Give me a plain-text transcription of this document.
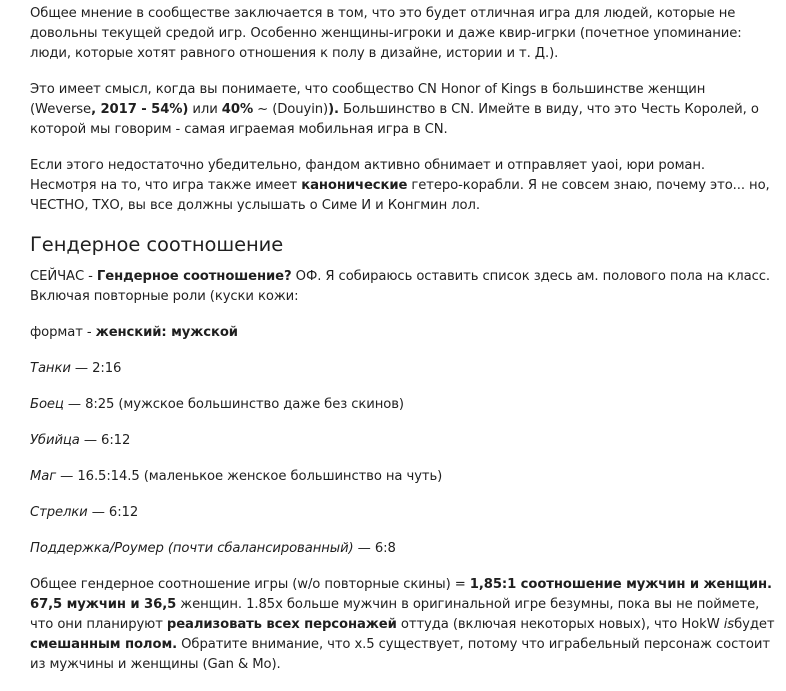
Общее мнение в сообществе заключается в том, что это будет отличная игра для людей, которые не довольны текущей средой игр. Особенно женщины-игроки и даже квир-игрки (почетное упоминание: люди, которые хотят равного отношения к полу в дизайне, истории и т. Д.).

Это имеет смысл, когда вы понимаете, что сообщество CN Honor of Kings в большинстве женщин (Weverse, 2017 - 54%) или 40% ~ (Douyin)). Большинство в CN. Имейте в виду, что это Честь Королей, о которой мы говорим - самая играемая мобильная игра в CN.

Если этого недостаточно убедительно, фандом активно обнимает и отправляет yaoi, юри роман. Несмотря на то, что игра также имеет канонические гетеро-корабли. Я не совсем знаю, почему это... но, ЧЕСТНО, ТХО, вы все должны услышать о Симе И и Конгмин лол.

Гендерное соотношение

СЕЙЧАС - Гендерное соотношение? ОФ. Я собираюсь оставить список здесь ам. полового пола на класс. Включая повторные роли (куски кожи:

формат - женский: мужской

Танки — 2:16

Боец — 8:25 (мужское большинство даже без скинов)

Убийца — 6:12

Маг — 16.5:14.5 (маленькое женское большинство на чуть)

Стрелки — 6:12

Поддержка/Роумер (почти сбалансированный) — 6:8

Общее гендерное соотношение игры (w/o повторные скины) = 1,85:1 соотношение мужчин и женщин. 67,5 мужчин и 36,5 женщин. 1.85x больше мужчин в оригинальной игре безумны, пока вы не поймете, что они планируют реализовать всех персонажей оттуда (включая некоторых новых), что HokW isбудет смешанным полом. Обратите внимание, что x.5 существует, потому что играбельный персонаж состоит из мужчины и женщины (Gan & Mo).
